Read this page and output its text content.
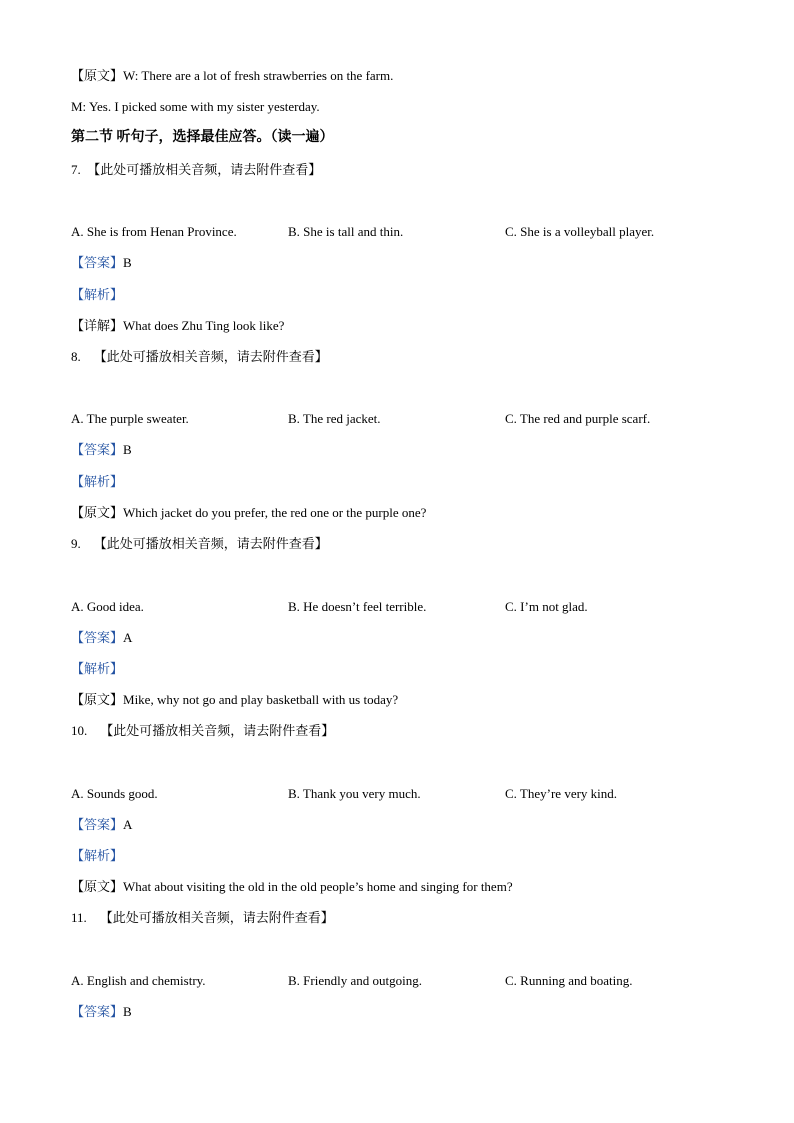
【原文】W: There are a lot of fresh strawberries on the farm.
M: Yes. I picked some with my sister yesterday.
第二节 听句子，选择最佳应答。（读一遍）
7. 【此处可播放相关音频，请去附件查看】
A. She is from Henan Province.	B. She is tall and thin.	C. She is a volleyball player.
【答案】B
【解析】
【详解】What does Zhu Ting look like?
8. 【此处可播放相关音频，请去附件查看】
A. The purple sweater.	B. The red jacket.	C. The red and purple scarf.
【答案】B
【解析】
【原文】Which jacket do you prefer, the red one or the purple one?
9. 【此处可播放相关音频，请去附件查看】
A. Good idea.	B. He doesn’t feel terrible.	C. I’m not glad.
【答案】A
【解析】
【原文】Mike, why not go and play basketball with us today?
10. 【此处可播放相关音频，请去附件查看】
A. Sounds good.	B. Thank you very much.	C. They’re very kind.
【答案】A
【解析】
【原文】What about visiting the old in the old people’s home and singing for them?
11. 【此处可播放相关音频，请去附件查看】
A. English and chemistry.	B. Friendly and outgoing.	C. Running and boating.
【答案】B
